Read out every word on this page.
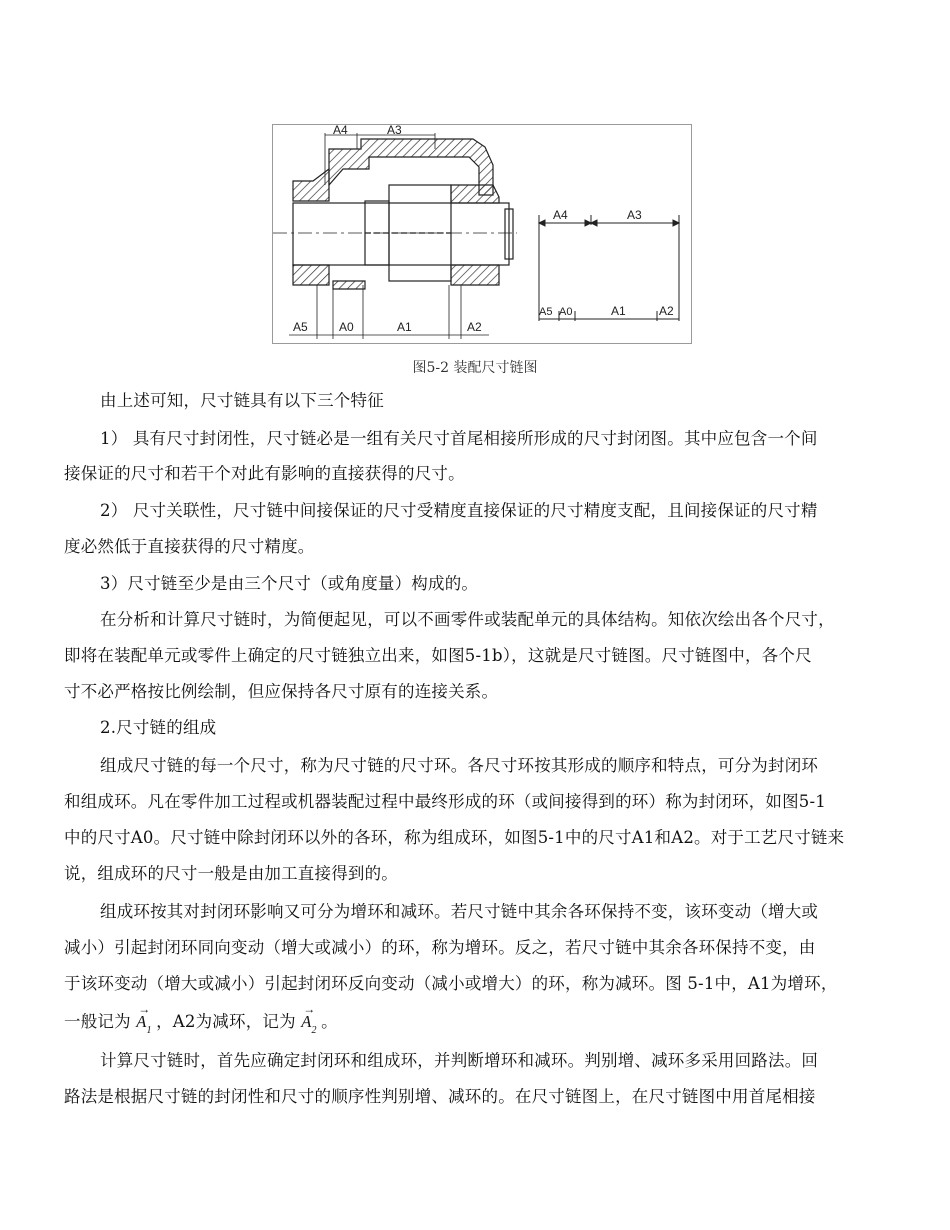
A4	A3
A5	A0	A1	A2
A4	A3
A5 A0	A1	A2
图5-2 装配尺寸链图
由上述可知，尺寸链具有以下三个特征
1） 具有尺寸封闭性，尺寸链必是一组有关尺寸首尾相接所形成的尺寸封闭图。其中应包含一个间
接保证的尺寸和若干个对此有影响的直接获得的尺寸。
2） 尺寸关联性，尺寸链中间接保证的尺寸受精度直接保证的尺寸精度支配，且间接保证的尺寸精
度必然低于直接获得的尺寸精度。
3）尺寸链至少是由三个尺寸（或角度量）构成的。
在分析和计算尺寸链时，为简便起见，可以不画零件或装配单元的具体结构。知依次绘出各个尺寸，
即将在装配单元或零件上确定的尺寸链独立出来，如图5-1b），这就是尺寸链图。尺寸链图中，各个尺
寸不必严格按比例绘制，但应保持各尺寸原有的连接关系。
2.尺寸链的组成
组成尺寸链的每一个尺寸，称为尺寸链的尺寸环。各尺寸环按其形成的顺序和特点，可分为封闭环
和组成环。凡在零件加工过程或机器装配过程中最终形成的环（或间接得到的环）称为封闭环，如图5-1
中的尺寸A0。尺寸链中除封闭环以外的各环，称为组成环，如图5-1中的尺寸A1和A2。对于工艺尺寸链来
说，组成环的尺寸一般是由加工直接得到的。
组成环按其对封闭环影响又可分为增环和减环。若尺寸链中其余各环保持不变，该环变动（增大或
减小）引起封闭环同向变动（增大或减小）的环，称为增环。反之，若尺寸链中其余各环保持不变，由
于该环变动（增大或减小）引起封闭环反向变动（减小或增大）的环，称为减环。图 5-1中，A1为增环，
一般记为
→
$A_1$ ，A2为减环，记为
→
$A_2$ 。
计算尺寸链时，首先应确定封闭环和组成环，并判断增环和减环。判别增、减环多采用回路法。回
路法是根据尺寸链的封闭性和尺寸的顺序性判别增、减环的。在尺寸链图上，在尺寸链图中用首尾相接
